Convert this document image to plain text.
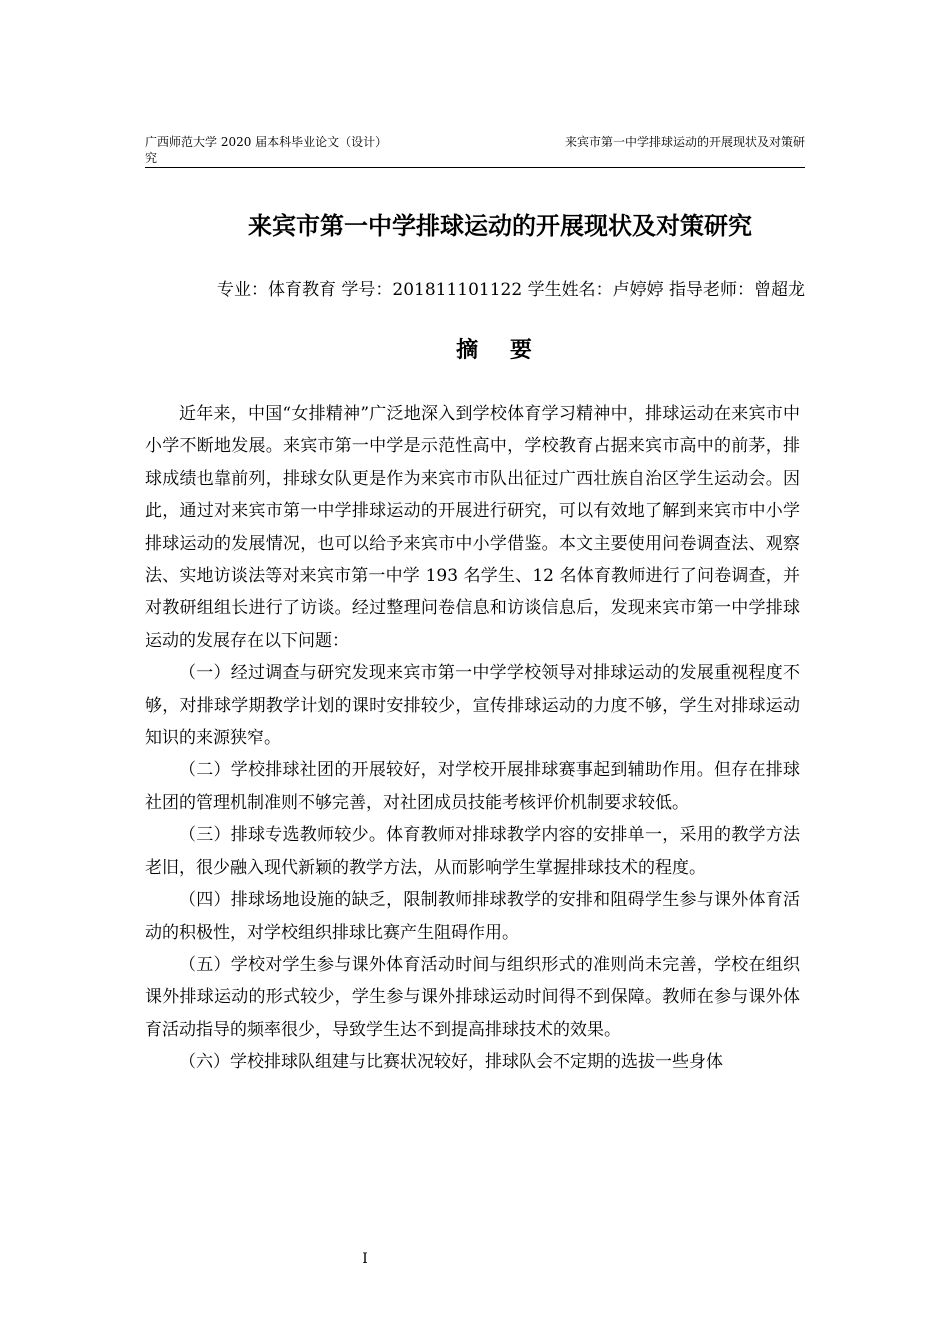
广西师范大学 2020 届本科毕业论文（设计）	来宾市第一中学排球运动的开展现状及对策研
究
来宾市第一中学排球运动的开展现状及对策研究
专业：体育教育 学号：201811101122 学生姓名：卢婷婷 指导老师：曾超龙
摘 要

近年来，中国“女排精神”广泛地深入到学校体育学习精神中，排球运动在来宾市中小学不断地发展。来宾市第一中学是示范性高中，学校教育占据来宾市高中的前茅，排球成绩也靠前列，排球女队更是作为来宾市市队出征过广西壮族自治区学生运动会。因此，通过对来宾市第一中学排球运动的开展进行研究，可以有效地了解到来宾市中小学排球运动的发展情况，也可以给予来宾市中小学借鉴。本文主要使用问卷调查法、观察法、实地访谈法等对来宾市第一中学 193 名学生、12 名体育教师进行了问卷调查，并对教研组组长进行了访谈。经过整理问卷信息和访谈信息后，发现来宾市第一中学排球运动的发展存在以下问题：

（一）经过调查与研究发现来宾市第一中学学校领导对排球运动的发展重视程度不够，对排球学期教学计划的课时安排较少，宣传排球运动的力度不够，学生对排球运动知识的来源狭窄。

（二）学校排球社团的开展较好，对学校开展排球赛事起到辅助作用。但存在排球社团的管理机制准则不够完善，对社团成员技能考核评价机制要求较低。

（三）排球专选教师较少。体育教师对排球教学内容的安排单一，采用的教学方法老旧，很少融入现代新颖的教学方法，从而影响学生掌握排球技术的程度。

（四）排球场地设施的缺乏，限制教师排球教学的安排和阻碍学生参与课外体育活动的积极性，对学校组织排球比赛产生阻碍作用。

（五）学校对学生参与课外体育活动时间与组织形式的准则尚未完善，学校在组织课外排球运动的形式较少，学生参与课外排球运动时间得不到保障。教师在参与课外体育活动指导的频率很少，导致学生达不到提高排球技术的效果。

（六）学校排球队组建与比赛状况较好，排球队会不定期的选拔一些身体

I
